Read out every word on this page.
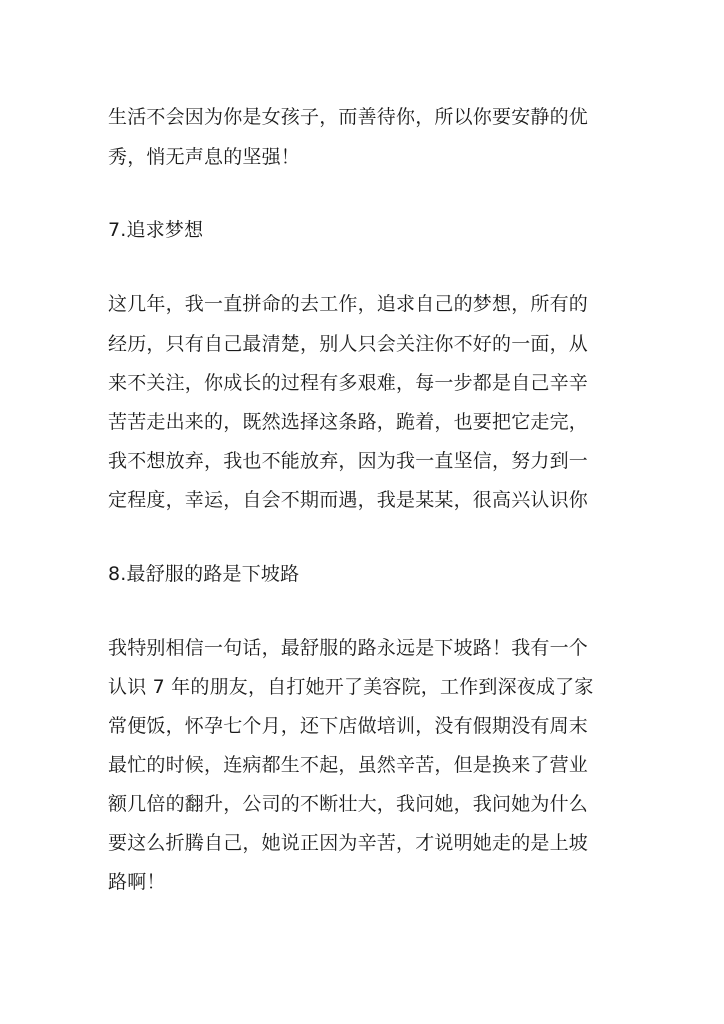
生活不会因为你是女孩子，而善待你，所以你要安静的优
秀，悄无声息的坚强！
7.追求梦想
这几年，我一直拼命的去工作，追求自己的梦想，所有的
经历，只有自己最清楚，别人只会关注你不好的一面，从
来不关注，你成长的过程有多艰难，每一步都是自己辛辛
苦苦走出来的，既然选择这条路，跪着，也要把它走完，
我不想放弃，我也不能放弃，因为我一直坚信，努力到一
定程度，幸运，自会不期而遇，我是某某，很高兴认识你
8.最舒服的路是下坡路
我特别相信一句话，最舒服的路永远是下坡路！我有一个
认识 7 年的朋友，自打她开了美容院，工作到深夜成了家
常便饭，怀孕七个月，还下店做培训，没有假期没有周末
最忙的时候，连病都生不起，虽然辛苦，但是换来了营业
额几倍的翻升，公司的不断壮大，我问她，我问她为什么
要这么折腾自己，她说正因为辛苦，才说明她走的是上坡
路啊！
